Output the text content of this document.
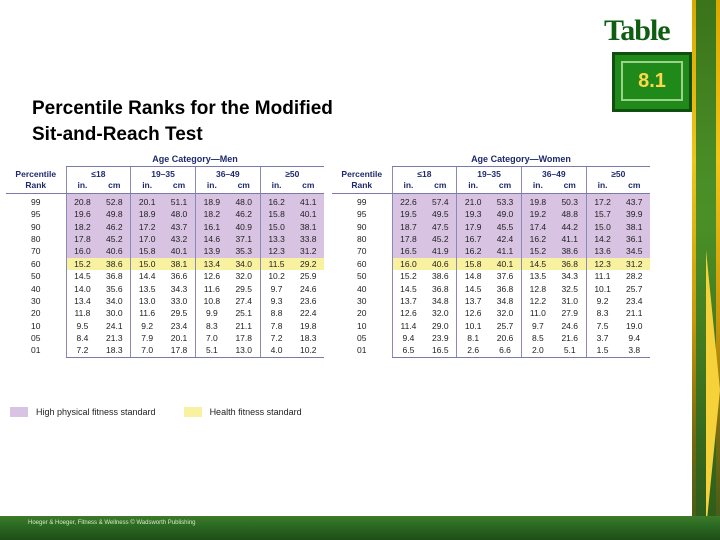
Hoeger & Hoeger, Fitness & Wellness © Wadsworth Publishing
Table
8.1
Percentile Ranks for the Modified
Sit-and-Reach Test
Age Category—Men
Percentile	≤18		19–35		36–49		≥50	
Rank	in.	cm	in.	cm	in.	cm	in.	cm
99	20.8	52.8	20.1	51.1	18.9	48.0	16.2	41.1
95	19.6	49.8	18.9	48.0	18.2	46.2	15.8	40.1
90	18.2	46.2	17.2	43.7	16.1	40.9	15.0	38.1
80	17.8	45.2	17.0	43.2	14.6	37.1	13.3	33.8
70	16.0	40.6	15.8	40.1	13.9	35.3	12.3	31.2
60	15.2	38.6	15.0	38.1	13.4	34.0	11.5	29.2
50	14.5	36.8	14.4	36.6	12.6	32.0	10.2	25.9
40	14.0	35.6	13.5	34.3	11.6	29.5	9.7	24.6
30	13.4	34.0	13.0	33.0	10.8	27.4	9.3	23.6
20	11.8	30.0	11.6	29.5	9.9	25.1	8.8	22.4
10	9.5	24.1	9.2	23.4	8.3	21.1	7.8	19.8
05	8.4	21.3	7.9	20.1	7.0	17.8	7.2	18.3
01	7.2	18.3	7.0	17.8	5.1	13.0	4.0	10.2
Age Category—Women
Percentile	≤18		19–35		36–49		≥50	
Rank	in.	cm	in.	cm	in.	cm	in.	cm
99	22.6	57.4	21.0	53.3	19.8	50.3	17.2	43.7
95	19.5	49.5	19.3	49.0	19.2	48.8	15.7	39.9
90	18.7	47.5	17.9	45.5	17.4	44.2	15.0	38.1
80	17.8	45.2	16.7	42.4	16.2	41.1	14.2	36.1
70	16.5	41.9	16.2	41.1	15.2	38.6	13.6	34.5
60	16.0	40.6	15.8	40.1	14.5	36.8	12.3	31.2
50	15.2	38.6	14.8	37.6	13.5	34.3	11.1	28.2
40	14.5	36.8	14.5	36.8	12.8	32.5	10.1	25.7
30	13.7	34.8	13.7	34.8	12.2	31.0	9.2	23.4
20	12.6	32.0	12.6	32.0	11.0	27.9	8.3	21.1
10	11.4	29.0	10.1	25.7	9.7	24.6	7.5	19.0
05	9.4	23.9	8.1	20.6	8.5	21.6	3.7	9.4
01	6.5	16.5	2.6	6.6	2.0	5.1	1.5	3.8
High physical fitness standard	Health fitness standard
